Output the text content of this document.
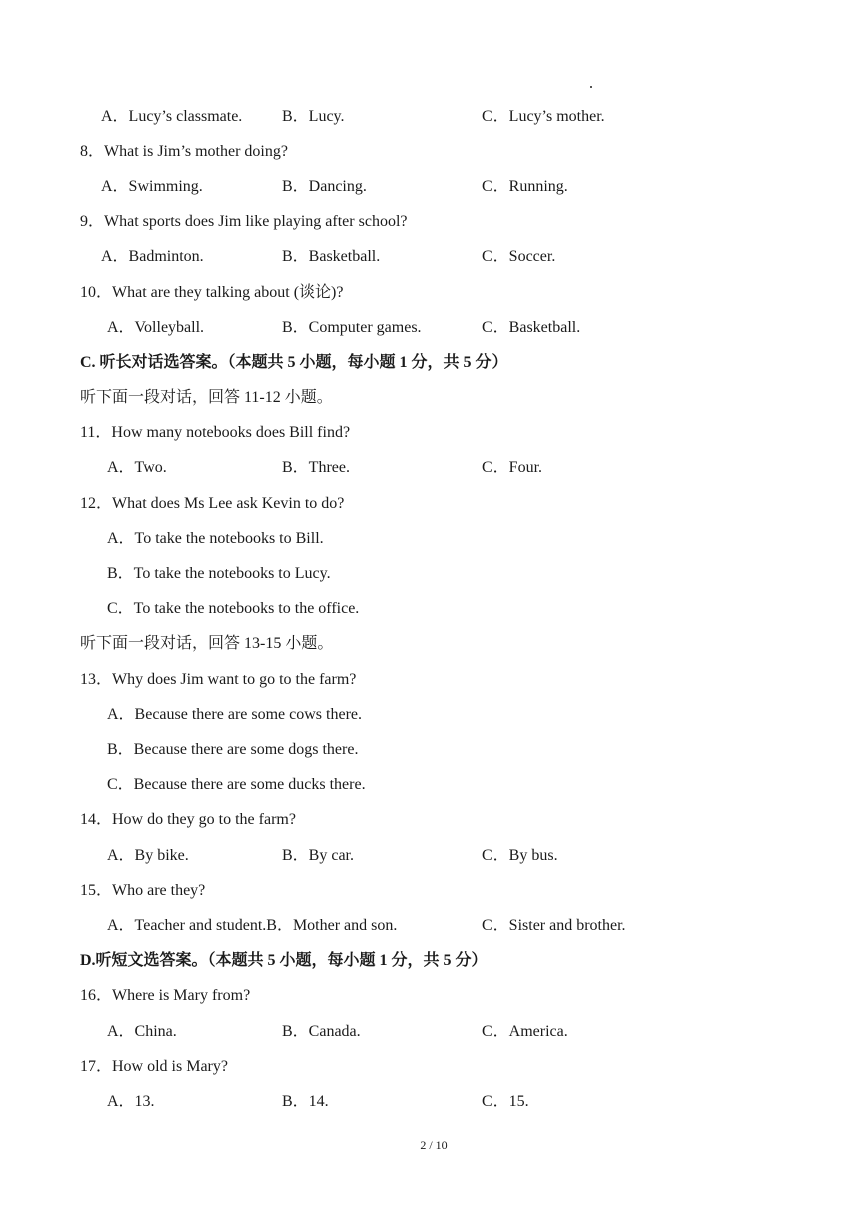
A．Lucy’s classmate. B．Lucy.	C．Lucy’s mother.
8．What is Jim’s mother doing?
A．Swimming.	B．Dancing.	C．Running.
9．What sports does Jim like playing after school?
A．Badminton.	B．Basketball.	C．Soccer.
10．What are they talking about (谈论)?
A．Volleyball.	B．Computer games.	C．Basketball.
C. 听长对话选答案。（本题共 5 小题，每小题 1 分，共 5 分）
听下面一段对话，回答 11-12 小题。
11．How many notebooks does Bill find?
A．Two.	B．Three.	C．Four.
12．What does Ms Lee ask Kevin to do?
A．To take the notebooks to Bill.
B．To take the notebooks to Lucy.
C．To take the notebooks to the office.
听下面一段对话，回答 13-15 小题。
13．Why does Jim want to go to the farm?
A．Because there are some cows there.
B．Because there are some dogs there.
C．Because there are some ducks there.
14．How do they go to the farm?
A．By bike.	B．By car.	C．By bus.
15．Who are they?
A．Teacher and student.B．Mother and son.	C．Sister and brother.
D.听短文选答案。（本题共 5 小题，每小题 1 分，共 5 分）
16．Where is Mary from?
A．China.	B．Canada.	C．America.
17．How old is Mary?
A．13.	B．14.	C．15.
2 / 10
